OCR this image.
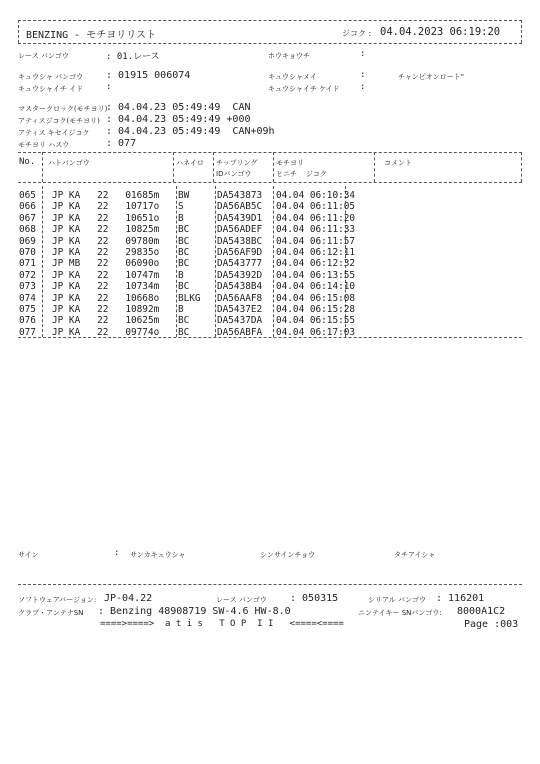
BENZING - モチヨリリスト	ジコク : 04.04.2023 06:19:20
レース バンゴウ	: 01.レース	ホウキョウチ	:
キュウシャ バンゴウ : 01915 006074	キュウシャメイ	:	チャンピオンロート"
キュウシャイチ イド	:	キュウシャイチ ケイド :
マスタークロック(モチヨリ)
: 04.04.23 05:49:49  CAN
アティスジコク(モチヨリ) : 04.04.23 05:49:49 +000
アティス キセイジコク : 04.04.23 05:49:49  CAN+09h
モチヨリ ハスウ	: 077
No. ハトバンゴウ	ハネイロ チップリング
IDバンゴウ
モチヨリ
ヒニチ    ジコク
コメント
065 JP KA   22   01685m BW	DA543873 04.04 06:10:34
066 JP KA   22   10717o S	DA56AB5C 04.04 06:11:05
067 JP KA   22   10651o B	DA5439D1 04.04 06:11:20
068 JP KA   22   10825m BC	DA56ADEF 04.04 06:11:33
069 JP KA   22   09780m BC	DA5438BC 04.04 06:11:57
070 JP KA   22   29835o BC	DA56AF9D 04.04 06:12:11
071 JP MB   22   06090o BC	DA543777 04.04 06:12:32
072 JP KA   22   10747m B	DA54392D 04.04 06:13:55
073 JP KA   22   10734m BC	DA5438B4 04.04 06:14:10
074 JP KA   22   10668o BLKG DA56AAF8 04.04 06:15:08
075 JP KA   22   10892m B	DA5437E2 04.04 06:15:28
076 JP KA   22   10625m BC	DA5437DA 04.04 06:15:55
077 JP KA   22   09774o BC	DA56ABFA 04.04 06:17:03
サイン	: サンカキュウシャ	シンサインチョウ	タチアイシャ
ソフトウェアバージョン: JP-04.22	レース バンゴウ : 050315	シリアル バンゴウ : 116201
クラブ・アンテナSN : Benzing 48908719 SW-4.6 HW-8.0	ニンテイキー SNバンゴウ: 8000A1C2
====>====>  a t i s   T O P  I I   <====<====	Page :003
